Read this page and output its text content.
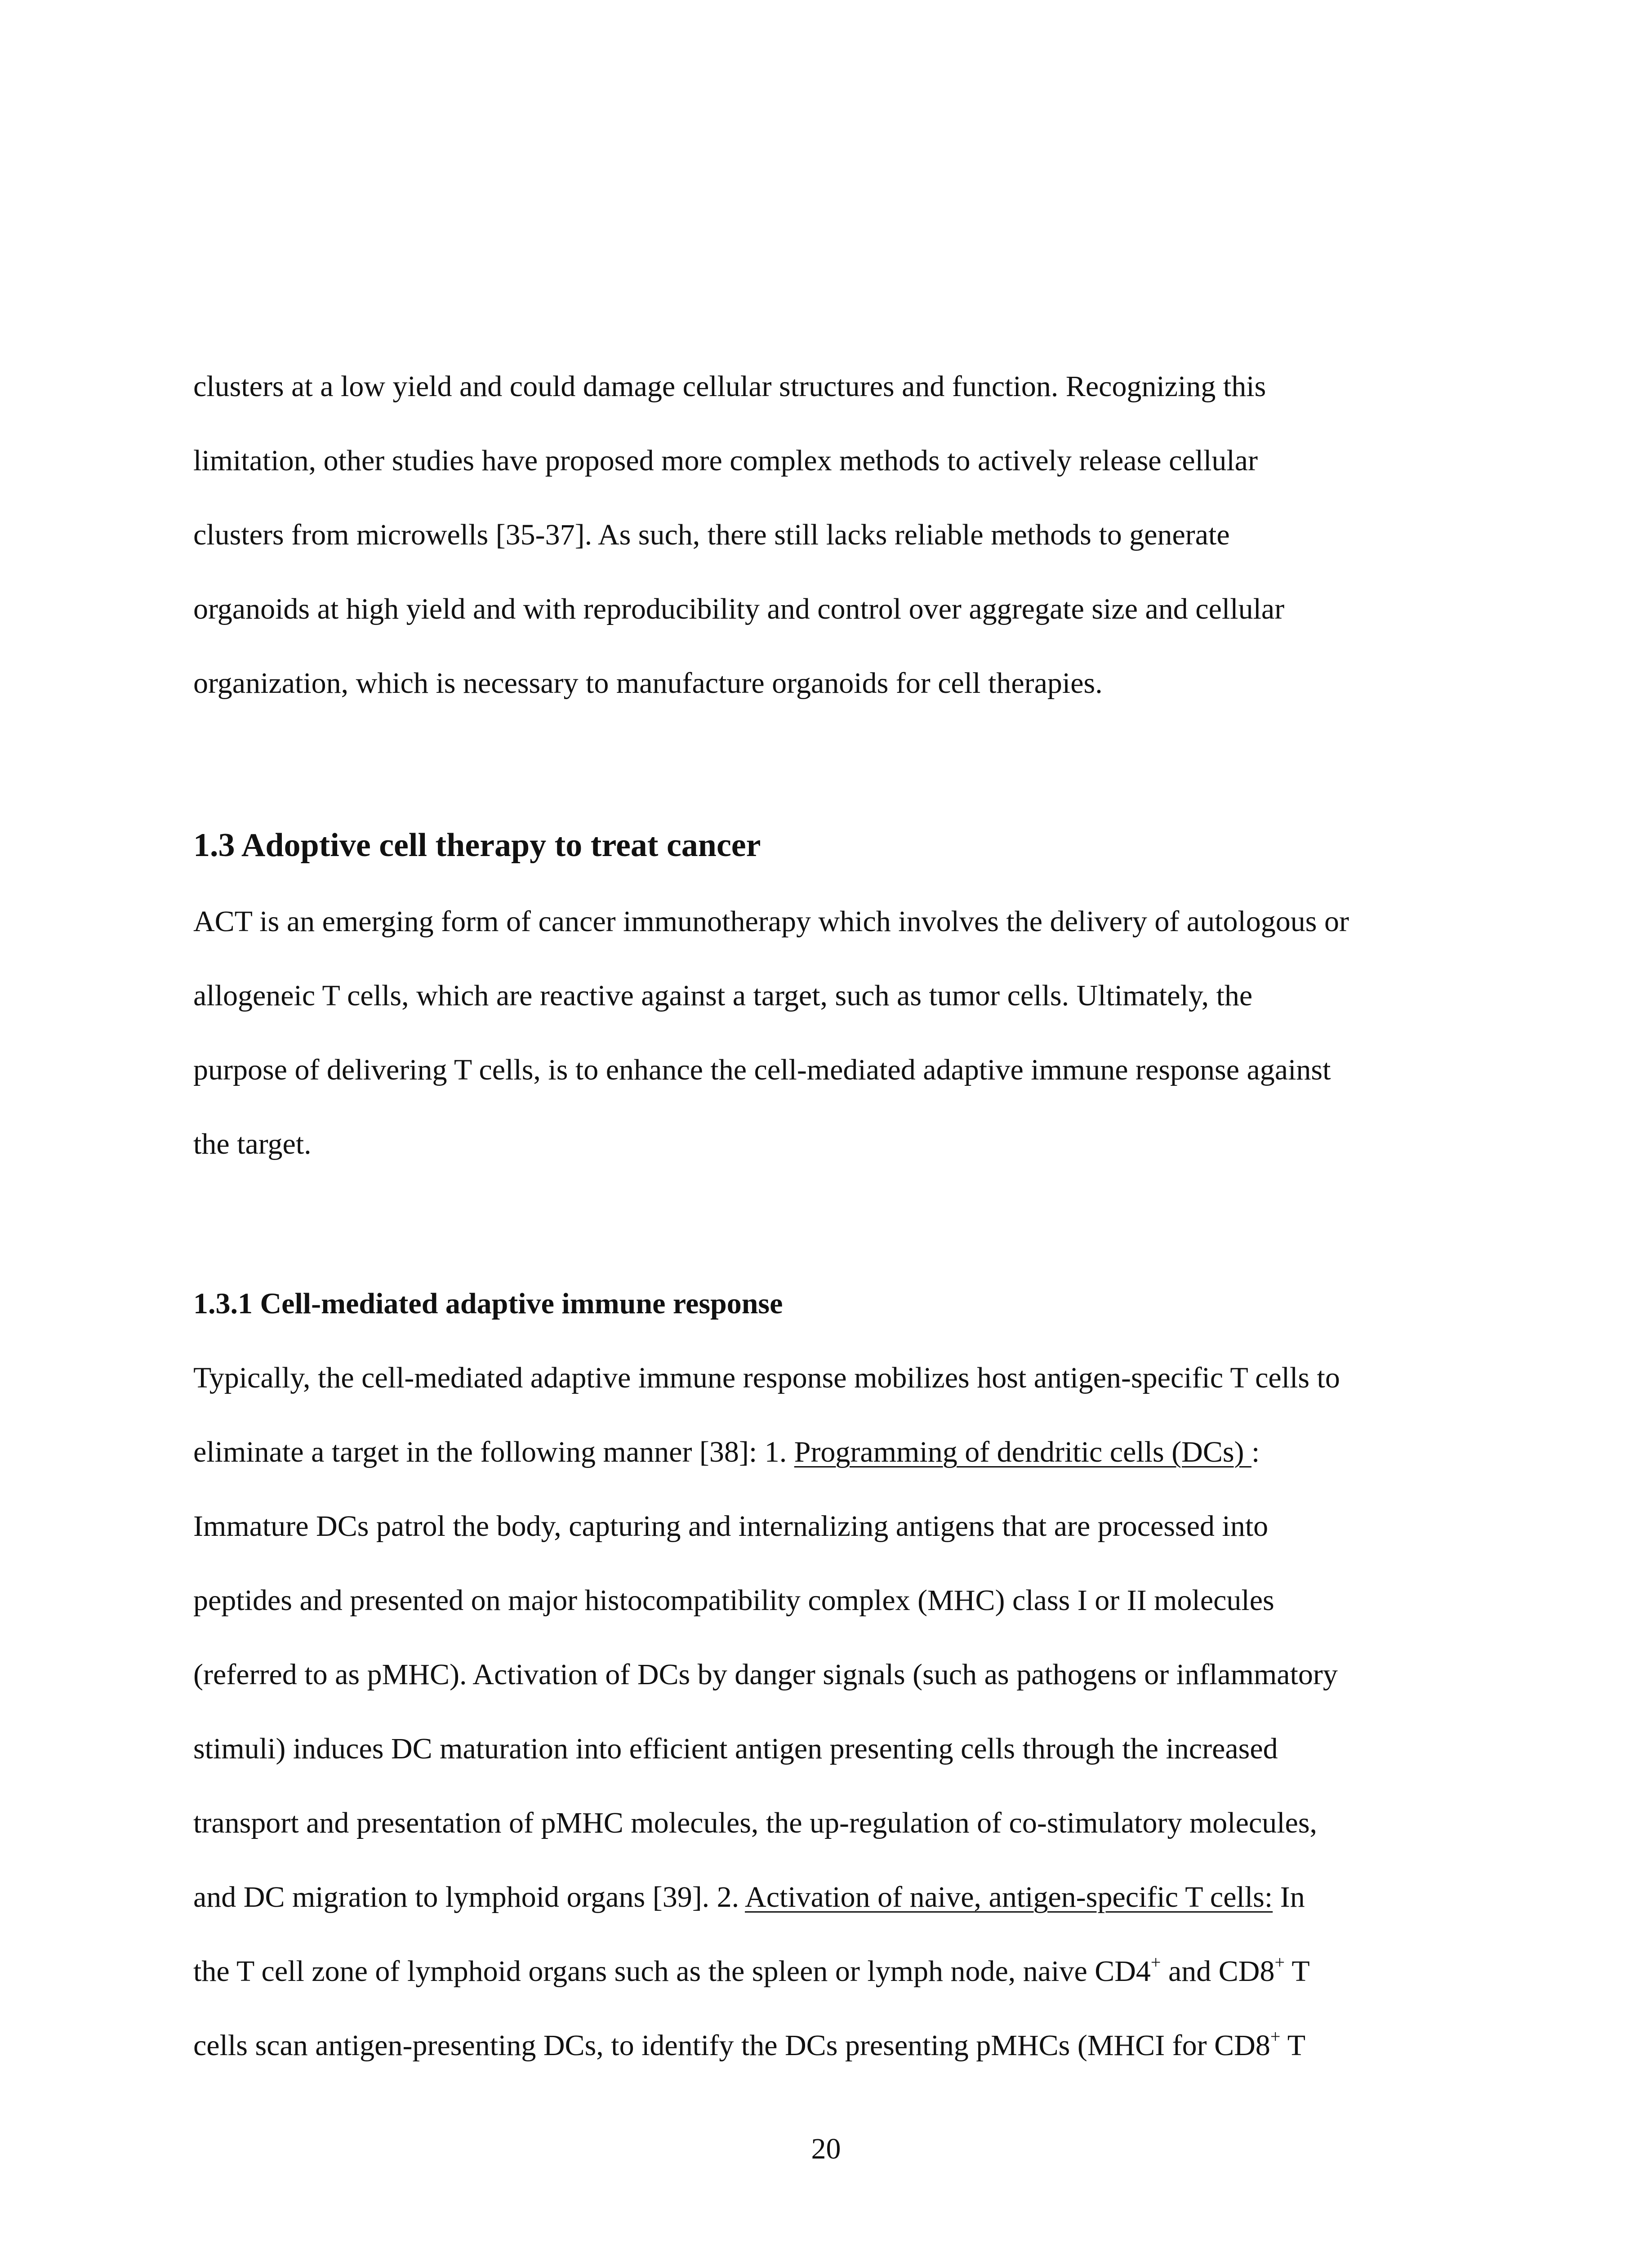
clusters at a low yield and could damage cellular structures and function. Recognizing this
limitation, other studies have proposed more complex methods to actively release cellular
clusters from microwells [35-37]. As such, there still lacks reliable methods to generate
organoids at high yield and with reproducibility and control over aggregate size and cellular
organization, which is necessary to manufacture organoids for cell therapies.
1.3 Adoptive cell therapy to treat cancer
ACT is an emerging form of cancer immunotherapy which involves the delivery of autologous or
allogeneic T cells, which are reactive against a target, such as tumor cells. Ultimately, the
purpose of delivering T cells, is to enhance the cell-mediated adaptive immune response against
the target.
1.3.1 Cell-mediated adaptive immune response
Typically, the cell-mediated adaptive immune response mobilizes host antigen-specific T cells to
eliminate a target in the following manner [38]: 1. Programming of dendritic cells (DCs) :
Immature DCs patrol the body, capturing and internalizing antigens that are processed into
peptides and presented on major histocompatibility complex (MHC) class I or II molecules
(referred to as pMHC). Activation of DCs by danger signals (such as pathogens or inflammatory
stimuli) induces DC maturation into efficient antigen presenting cells through the increased
transport and presentation of pMHC molecules, the up-regulation of co-stimulatory molecules,
and DC migration to lymphoid organs [39]. 2. Activation of naive, antigen-specific T cells: In
the T cell zone of lymphoid organs such as the spleen or lymph node, naive CD4+ and CD8+ T
cells scan antigen-presenting DCs, to identify the DCs presenting pMHCs (MHCI for CD8+ T
20
